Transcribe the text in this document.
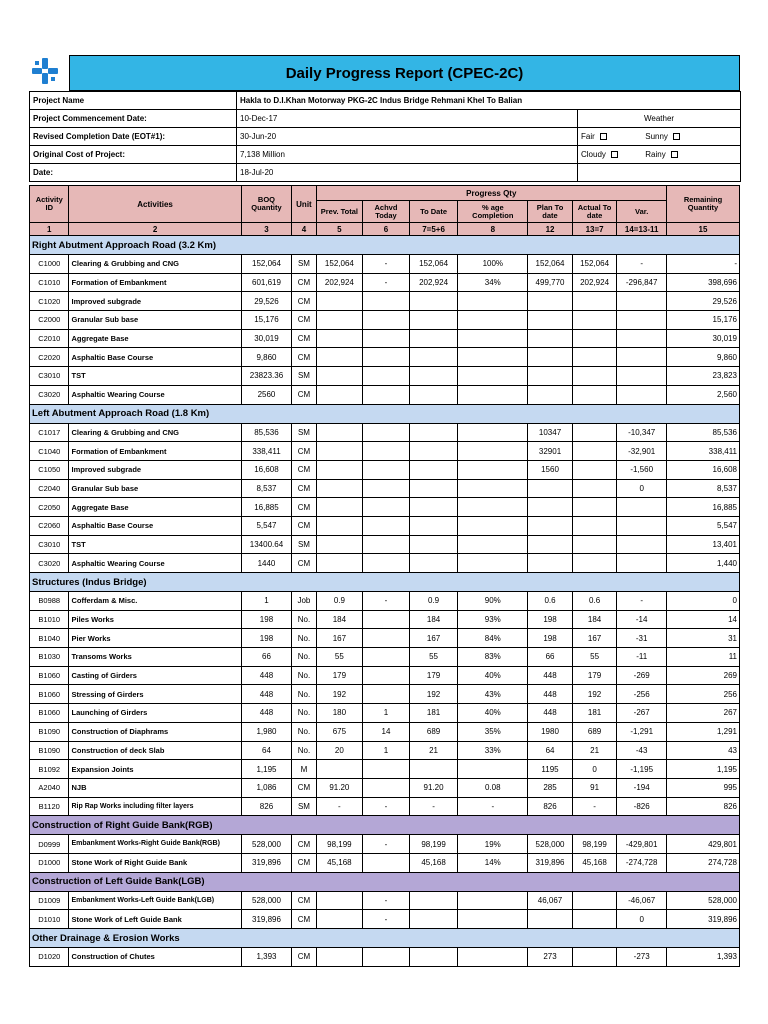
Daily Progress Report (CPEC-2C)
Project Name	Hakla to D.I.Khan Motorway PKG-2C Indus Bridge Rehmani Khel To Balian	
Project Commencement Date:	10-Dec-17	Weather
Revised Completion Date (EOT#1):	30-Jun-20	Fair Sunny
Original Cost of Project:	7,138 Million	Cloudy Rainy
Date:	18-Jul-20	
Activity ID	Activities	BOQ Quantity	Unit	Progress Qty							Remaining Quantity
				Prev. Total	Achvd Today	To Date	% age Completion	Plan To date	Actual To date	Var.	
1	2	3	4	5	6	7=5+6	8	12	13=7	14=13-11	15
Right Abutment Approach Road (3.2 Km)											
C1000	Clearing & Grubbing and CNG	152,064	SM	152,064	-	152,064	100%	152,064	152,064	-	-
C1010	Formation of Embankment	601,619	CM	202,924	-	202,924	34%	499,770	202,924	-296,847	398,696
C1020	Improved subgrade	29,526	CM								29,526
C2000	Granular Sub base	15,176	CM								15,176
C2010	Aggregate Base	30,019	CM								30,019
C2020	Asphaltic Base Course	9,860	CM								9,860
C3010	TST	23823.36	SM								23,823
C3020	Asphaltic Wearing Course	2560	CM								2,560
Left Abutment Approach Road (1.8 Km)											
C1017	Clearing & Grubbing and CNG	85,536	SM					10347		-10,347	85,536
C1040	Formation of Embankment	338,411	CM					32901		-32,901	338,411
C1050	Improved subgrade	16,608	CM					1560		-1,560	16,608
C2040	Granular Sub base	8,537	CM							0	8,537
C2050	Aggregate Base	16,885	CM								16,885
C2060	Asphaltic Base Course	5,547	CM								5,547
C3010	TST	13400.64	SM								13,401
C3020	Asphaltic Wearing Course	1440	CM								1,440
Structures (Indus Bridge)											
B0988	Cofferdam & Misc.	1	Job	0.9	-	0.9	90%	0.6	0.6	-	0
B1010	Piles Works	198	No.	184		184	93%	198	184	-14	14
B1040	Pier Works	198	No.	167		167	84%	198	167	-31	31
B1030	Transoms Works	66	No.	55		55	83%	66	55	-11	11
B1060	Casting of Girders	448	No.	179		179	40%	448	179	-269	269
B1060	Stressing of Girders	448	No.	192		192	43%	448	192	-256	256
B1060	Launching of Girders	448	No.	180	1	181	40%	448	181	-267	267
B1090	Construction of Diaphrams	1,980	No.	675	14	689	35%	1980	689	-1,291	1,291
B1090	Construction of deck Slab	64	No.	20	1	21	33%	64	21	-43	43
B1092	Expansion Joints	1,195	M					1195	0	-1,195	1,195
A2040	NJB	1,086	CM	91.20		91.20	0.08	285	91	-194	995
B1120	Rip Rap Works including filter layers	826	SM	-	-	-	-	826	-	-826	826
Construction of Right Guide Bank(RGB)											
D0999	Embankment Works-Right Guide Bank(RGB)	528,000	CM	98,199	-	98,199	19%	528,000	98,199	-429,801	429,801
D1000	Stone Work of Right Guide Bank	319,896	CM	45,168		45,168	14%	319,896	45,168	-274,728	274,728
Construction of Left Guide Bank(LGB)											
D1009	Embankment Works-Left Guide Bank(LGB)	528,000	CM		-			46,067		-46,067	528,000
D1010	Stone Work of Left Guide Bank	319,896	CM		-					0	319,896
Other Drainage & Erosion Works											
D1020	Construction of Chutes	1,393	CM					273		-273	1,393
